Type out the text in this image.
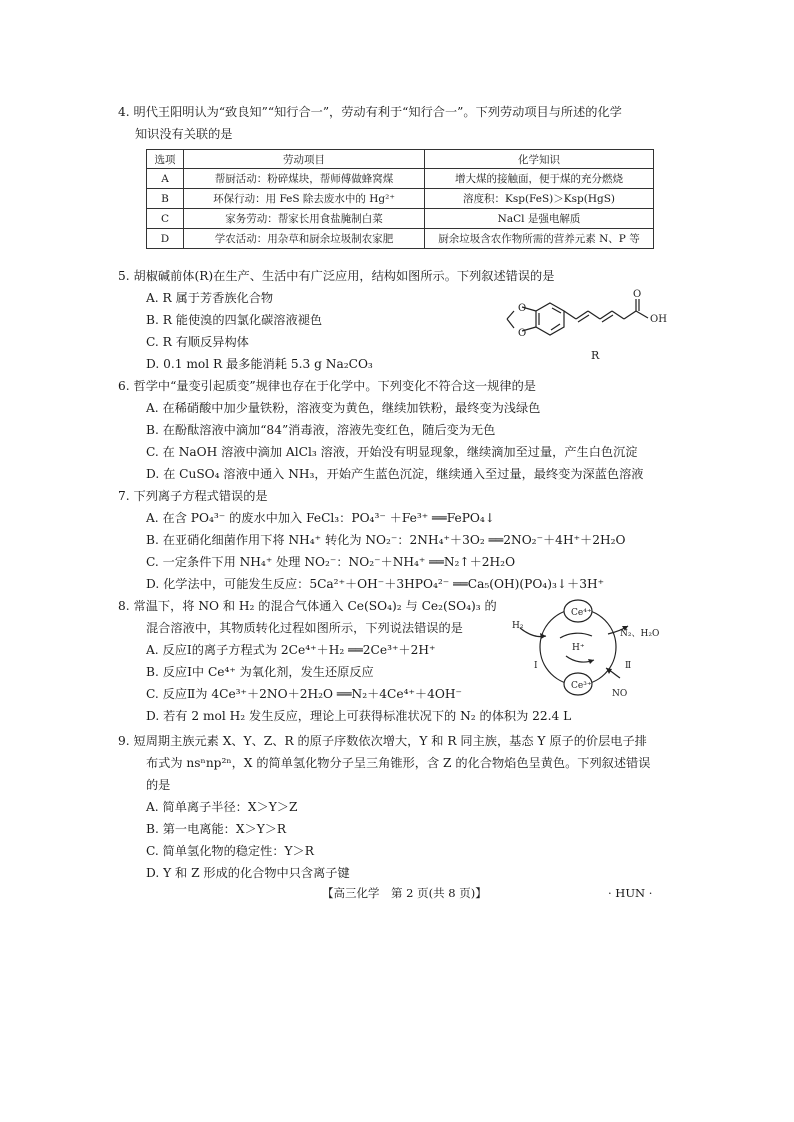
4. 明代王阳明认为“致良知”“知行合一”，劳动有利于“知行合一”。下列劳动项目与所述的化学
知识没有关联的是
选项	劳动项目	化学知识
A	帮厨活动：粉碎煤块，帮师傅做蜂窝煤	增大煤的接触面，便于煤的充分燃烧
B	环保行动：用 FeS 除去废水中的 Hg²⁺	溶度积：Ksp(FeS)＞Ksp(HgS)
C	家务劳动：帮家长用食盐腌制白菜	NaCl 是强电解质
D	学农活动：用杂草和厨余垃圾制农家肥	厨余垃圾含农作物所需的营养元素 N、P 等
5. 胡椒碱前体(R)在生产、生活中有广泛应用，结构如图所示。下列叙述错误的是
A. R 属于芳香族化合物
B. R 能使溴的四氯化碳溶液褪色
C. R 有顺反异构体
D. 0.1 mol R 最多能消耗 5.3 g Na₂CO₃
O
O
O
OH
R
6. 哲学中“量变引起质变”规律也存在于化学中。下列变化不符合这一规律的是
A. 在稀硝酸中加少量铁粉，溶液变为黄色，继续加铁粉，最终变为浅绿色
B. 在酚酞溶液中滴加“84”消毒液，溶液先变红色，随后变为无色
C. 在 NaOH 溶液中滴加 AlCl₃ 溶液，开始没有明显现象，继续滴加至过量，产生白色沉淀
D. 在 CuSO₄ 溶液中通入 NH₃，开始产生蓝色沉淀，继续通入至过量，最终变为深蓝色溶液
7. 下列离子方程式错误的是
A. 在含 PO₄³⁻ 的废水中加入 FeCl₃：PO₄³⁻ ＋Fe³⁺ ══FePO₄↓
B. 在亚硝化细菌作用下将 NH₄⁺ 转化为 NO₂⁻：2NH₄⁺＋3O₂ ══2NO₂⁻＋4H⁺＋2H₂O
C. 一定条件下用 NH₄⁺ 处理 NO₂⁻：NO₂⁻＋NH₄⁺ ══N₂↑＋2H₂O
D. 化学法中，可能发生反应：5Ca²⁺＋OH⁻＋3HPO₄²⁻ ══Ca₅(OH)(PO₄)₃↓＋3H⁺
8. 常温下，将 NO 和 H₂ 的混合气体通入 Ce(SO₄)₂ 与 Ce₂(SO₄)₃ 的
混合溶液中，其物质转化过程如图所示，下列说法错误的是
A. 反应Ⅰ的离子方程式为 2Ce⁴⁺＋H₂ ══2Ce³⁺＋2H⁺
B. 反应Ⅰ中 Ce⁴⁺ 为氧化剂，发生还原反应
C. 反应Ⅱ为 4Ce³⁺＋2NO＋2H₂O ══N₂＋4Ce⁴⁺＋4OH⁻
D. 若有 2 mol H₂ 发生反应，理论上可获得标准状况下的 N₂ 的体积为 22.4 L
Ce⁴⁺
Ce³⁺
H⁺
H₂
N₂、H₂O
NO
Ⅰ	Ⅱ
9. 短周期主族元素 X、Y、Z、R 的原子序数依次增大，Y 和 R 同主族，基态 Y 原子的价层电子排
布式为 nsⁿnp²ⁿ，X 的简单氢化物分子呈三角锥形，含 Z 的化合物焰色呈黄色。下列叙述错误
的是
A. 简单离子半径：X＞Y＞Z
B. 第一电离能：X＞Y＞R
C. 简单氢化物的稳定性：Y＞R
D. Y 和 Z 形成的化合物中只含离子键
【高三化学　第 2 页(共 8 页)】	· HUN ·
